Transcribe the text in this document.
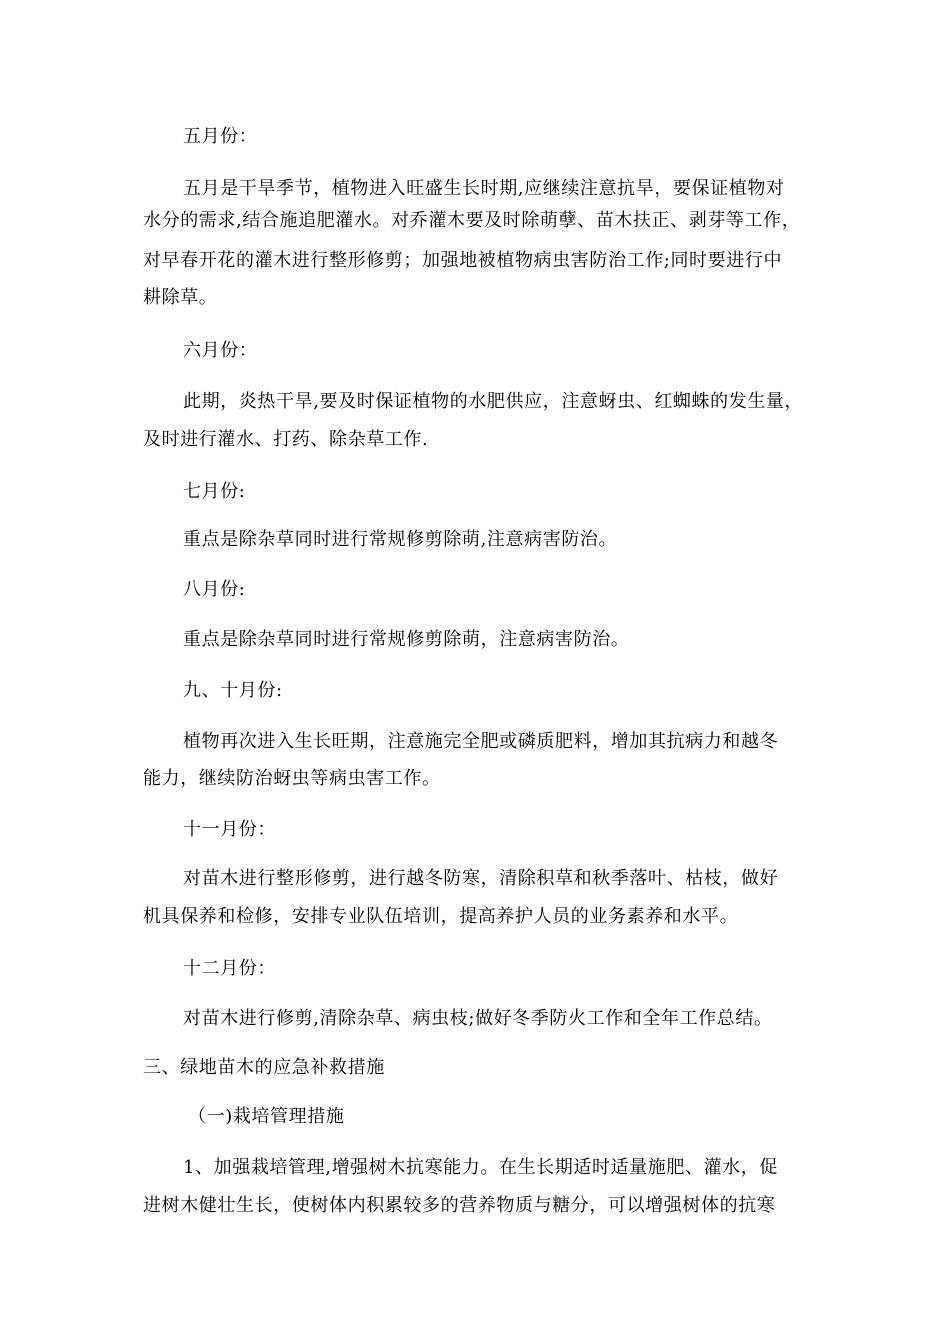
五月份：
五月是干旱季节，植物进入旺盛生长时期,应继续注意抗旱，要保证植物对
水分的需求,结合施追肥灌水。对乔灌木要及时除萌孽、苗木扶正、剥芽等工作，
对早春开花的灌木进行整形修剪；加强地被植物病虫害防治工作;同时要进行中
耕除草。
六月份：
此期，炎热干旱,要及时保证植物的水肥供应，注意蚜虫、红蜘蛛的发生量，
及时进行灌水、打药、除杂草工作.
七月份:
重点是除杂草同时进行常规修剪除萌,注意病害防治。
八月份:
重点是除杂草同时进行常规修剪除萌，注意病害防治。
九、十月份:
植物再次进入生长旺期，注意施完全肥或磷质肥料，增加其抗病力和越冬
能力，继续防治蚜虫等病虫害工作。
十一月份：
对苗木进行整形修剪，进行越冬防寒，清除积草和秋季落叶、枯枝，做好
机具保养和检修，安排专业队伍培训，提高养护人员的业务素养和水平。
十二月份：
对苗木进行修剪,清除杂草、病虫枝;做好冬季防火工作和全年工作总结。
三、绿地苗木的应急补救措施
（一)栽培管理措施
1、加强栽培管理,增强树木抗寒能力。在生长期适时适量施肥、灌水，促
进树木健壮生长，使树体内积累较多的营养物质与糖分，可以增强树体的抗寒
